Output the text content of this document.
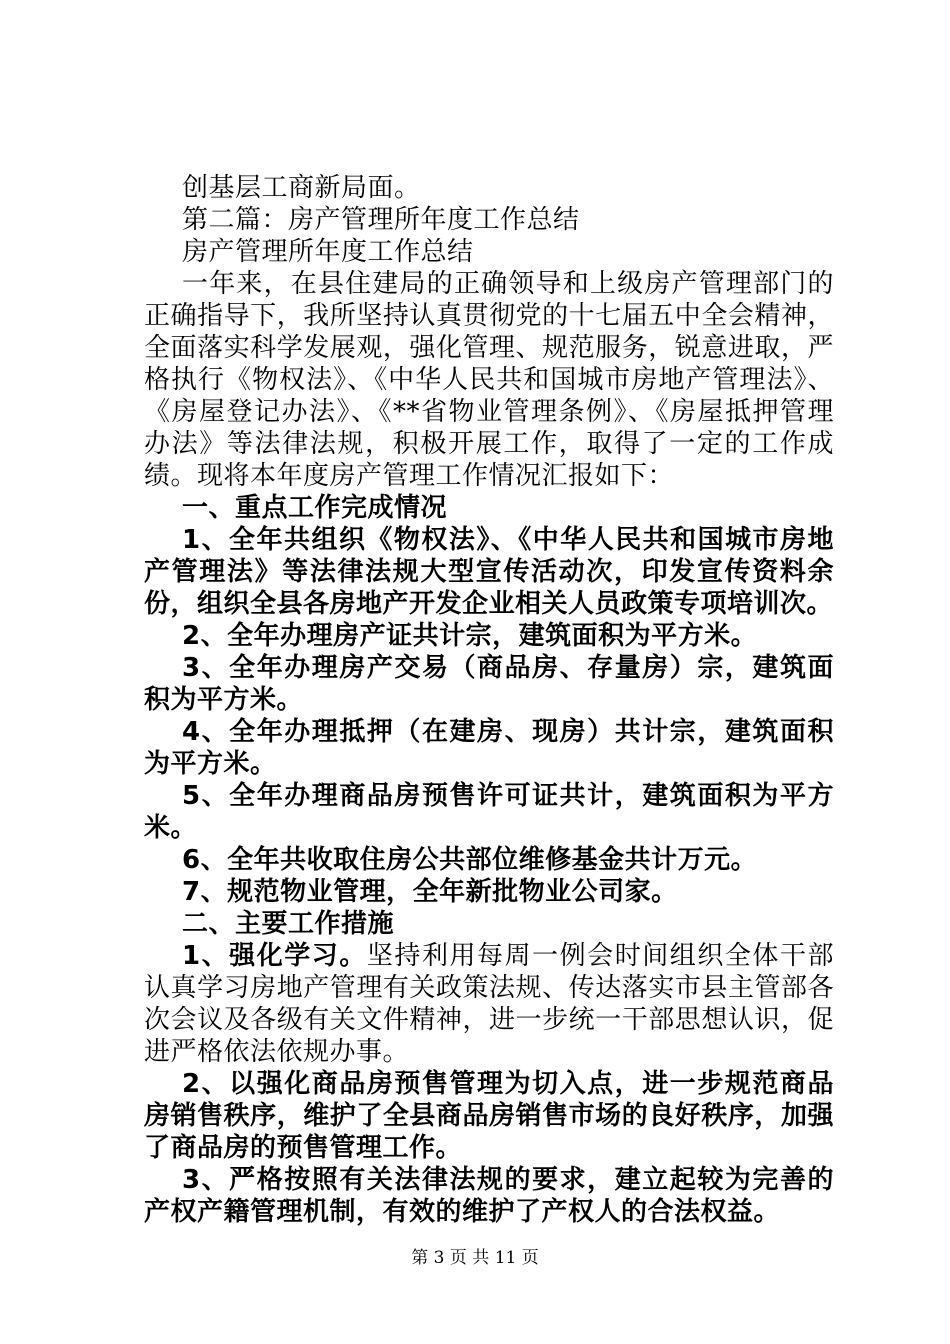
创基层工商新局面。

第二篇：房产管理所年度工作总结

房产管理所年度工作总结

一年来，在县住建局的正确领导和上级房产管理部门的正确指导下，我所坚持认真贯彻党的十七届五中全会精神，全面落实科学发展观，强化管理、规范服务，锐意进取，严格执行《物权法》、《中华人民共和国城市房地产管理法》、《房屋登记办法》、《**省物业管理条例》、《房屋抵押管理办法》等法律法规，积极开展工作，取得了一定的工作成绩。现将本年度房产管理工作情况汇报如下：

一、重点工作完成情况

1、全年共组织《物权法》、《中华人民共和国城市房地产管理法》等法律法规大型宣传活动次，印发宣传资料余份，组织全县各房地产开发企业相关人员政策专项培训次。

2、全年办理房产证共计宗，建筑面积为平方米。

3、全年办理房产交易（商品房、存量房）宗，建筑面积为平方米。

4、全年办理抵押（在建房、现房）共计宗，建筑面积为平方米。

5、全年办理商品房预售许可证共计，建筑面积为平方米。

6、全年共收取住房公共部位维修基金共计万元。

7、规范物业管理，全年新批物业公司家。

二、主要工作措施

1、强化学习。坚持利用每周一例会时间组织全体干部认真学习房地产管理有关政策法规、传达落实市县主管部各次会议及各级有关文件精神，进一步统一干部思想认识，促进严格依法依规办事。

2、以强化商品房预售管理为切入点，进一步规范商品房销售秩序，维护了全县商品房销售市场的良好秩序，加强了商品房的预售管理工作。

3、严格按照有关法律法规的要求，建立起较为完善的产权产籍管理机制，有效的维护了产权人的合法权益。

第 3 页 共 11 页
